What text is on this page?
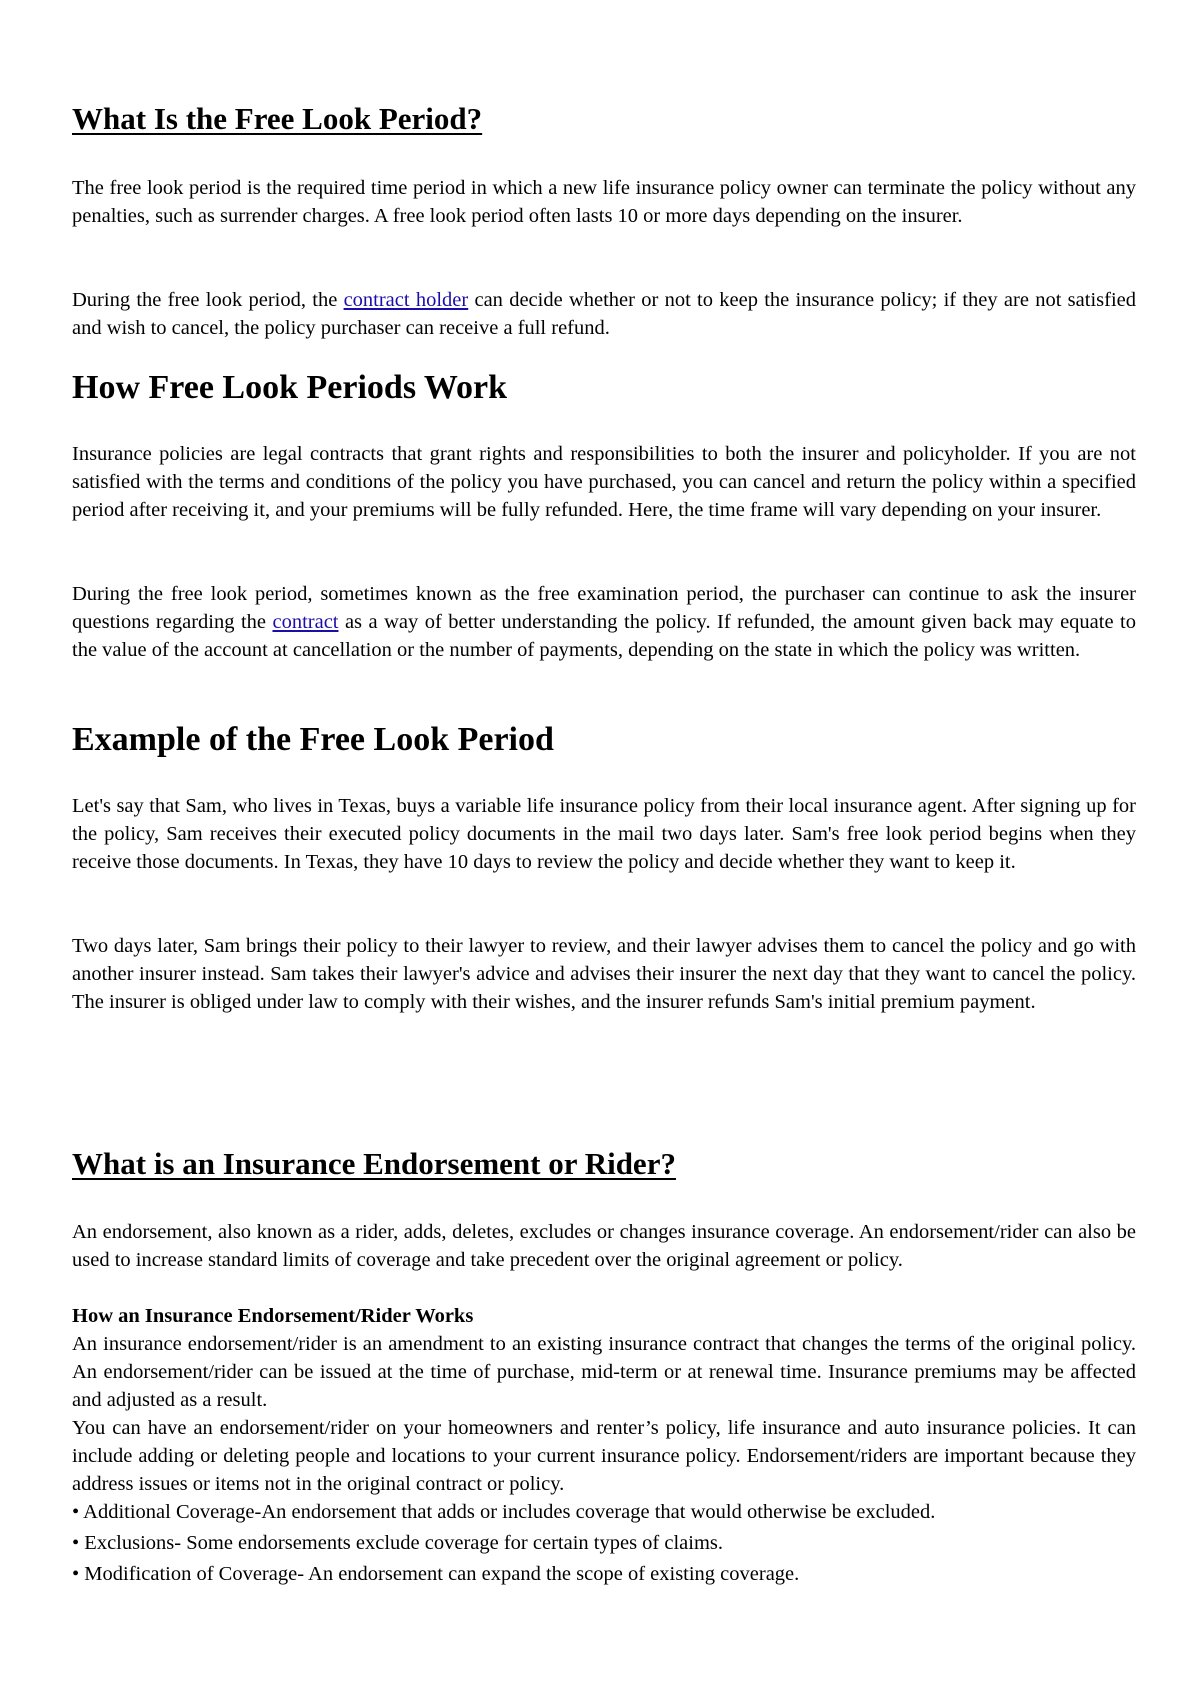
What Is the Free Look Period?

The free look period is the required time period in which a new life insurance policy owner can terminate the policy without any penalties, such as surrender charges. A free look period often lasts 10 or more days depending on the insurer.

During the free look period, the contract holder can decide whether or not to keep the insurance policy; if they are not satisfied and wish to cancel, the policy purchaser can receive a full refund.

How Free Look Periods Work

Insurance policies are legal contracts that grant rights and responsibilities to both the insurer and policyholder. If you are not satisfied with the terms and conditions of the policy you have purchased, you can cancel and return the policy within a specified period after receiving it, and your premiums will be fully refunded. Here, the time frame will vary depending on your insurer.

During the free look period, sometimes known as the free examination period, the purchaser can continue to ask the insurer questions regarding the contract as a way of better understanding the policy. If refunded, the amount given back may equate to the value of the account at cancellation or the number of payments, depending on the state in which the policy was written.

Example of the Free Look Period

Let's say that Sam, who lives in Texas, buys a variable life insurance policy from their local insurance agent. After signing up for the policy, Sam receives their executed policy documents in the mail two days later. Sam's free look period begins when they receive those documents. In Texas, they have 10 days to review the policy and decide whether they want to keep it.

Two days later, Sam brings their policy to their lawyer to review, and their lawyer advises them to cancel the policy and go with another insurer instead. Sam takes their lawyer's advice and advises their insurer the next day that they want to cancel the policy. The insurer is obliged under law to comply with their wishes, and the insurer refunds Sam's initial premium payment.

What is an Insurance Endorsement or Rider?

An endorsement, also known as a rider, adds, deletes, excludes or changes insurance coverage. An endorsement/rider can also be used to increase standard limits of coverage and take precedent over the original agreement or policy.

How an Insurance Endorsement/Rider Works

An insurance endorsement/rider is an amendment to an existing insurance contract that changes the terms of the original policy. An endorsement/rider can be issued at the time of purchase, mid-term or at renewal time. Insurance premiums may be affected and adjusted as a result.

You can have an endorsement/rider on your homeowners and renter’s policy, life insurance and auto insurance policies. It can include adding or deleting people and locations to your current insurance policy. Endorsement/riders are important because they address issues or items not in the original contract or policy.

• Additional Coverage-An endorsement that adds or includes coverage that would otherwise be excluded.
• Exclusions- Some endorsements exclude coverage for certain types of claims.
• Modification of Coverage- An endorsement can expand the scope of existing coverage.
